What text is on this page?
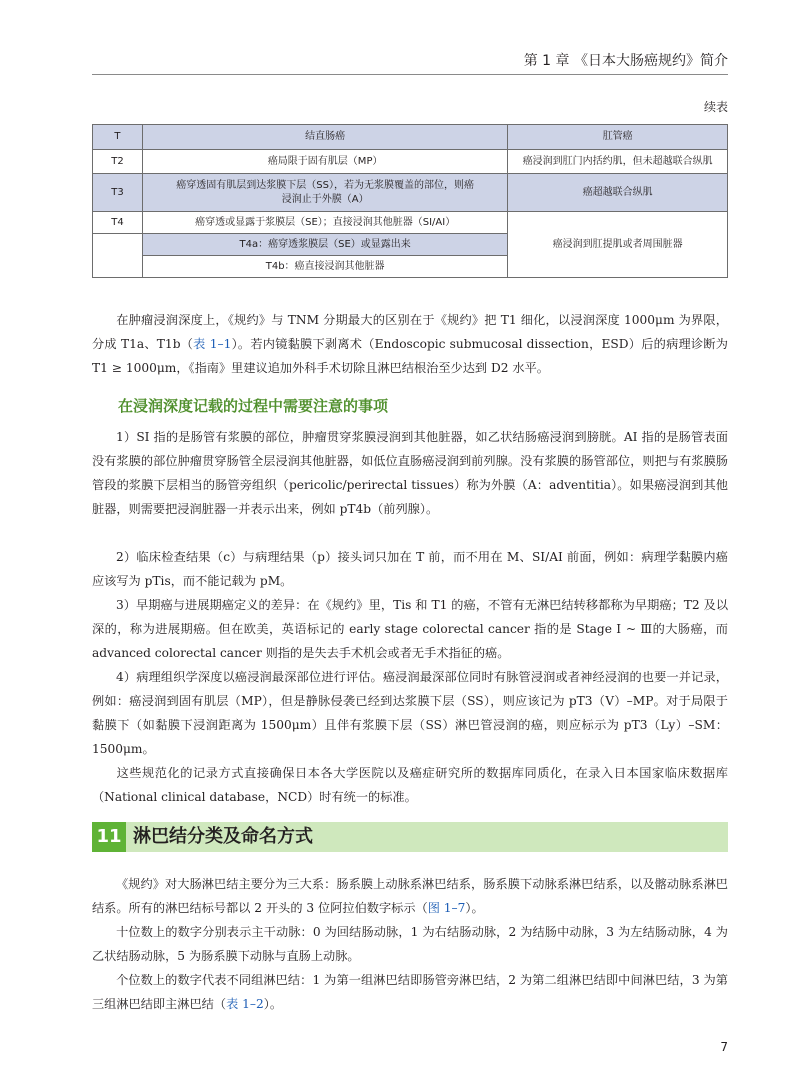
第 1 章 《日本大肠癌规约》简介
续表
T	结直肠癌	肛管癌
T2	癌局限于固有肌层（MP）	癌浸润到肛门内括约肌，但未超越联合纵肌
T3	癌穿透固有肌层到达浆膜下层（SS），若为无浆膜覆盖的部位，则癌浸润止于外膜（A）	癌超越联合纵肌
T4	癌穿透或显露于浆膜层（SE）；直接浸润其他脏器（SI/AI）	癌浸润到肛提肌或者周围脏器
	T4a：癌穿透浆膜层（SE）或显露出来	
	T4b：癌直接浸润其他脏器	
在肿瘤浸润深度上，《规约》与 TNM 分期最大的区别在于《规约》把 T1 细化，以浸润深度 1000μm 为界限，分成 T1a、T1b（表 1–1）。若内镜黏膜下剥离术（Endoscopic submucosal dissection，ESD）后的病理诊断为 T1 ≥ 1000μm，《指南》里建议追加外科手术切除且淋巴结根治至少达到 D2 水平。
在浸润深度记载的过程中需要注意的事项
1）SI 指的是肠管有浆膜的部位，肿瘤贯穿浆膜浸润到其他脏器，如乙状结肠癌浸润到膀胱。AI 指的是肠管表面没有浆膜的部位肿瘤贯穿肠管全层浸润其他脏器，如低位直肠癌浸润到前列腺。没有浆膜的肠管部位，则把与有浆膜肠管段的浆膜下层相当的肠管旁组织（pericolic/perirectal tissues）称为外膜（A：adventitia）。如果癌浸润到其他脏器，则需要把浸润脏器一并表示出来，例如 pT4b（前列腺）。
2）临床检查结果（c）与病理结果（p）接头词只加在 T 前，而不用在 M、SI/AI 前面，例如：病理学黏膜内癌应该写为 pTis，而不能记载为 pM。
3）早期癌与进展期癌定义的差异：在《规约》里，Tis 和 T1 的癌，不管有无淋巴结转移都称为早期癌；T2 及以深的，称为进展期癌。但在欧美，英语标记的 early stage colorectal cancer 指的是 Stage Ⅰ ~ Ⅲ的大肠癌，而 advanced colorectal cancer 则指的是失去手术机会或者无手术指征的癌。
4）病理组织学深度以癌浸润最深部位进行评估。癌浸润最深部位同时有脉管浸润或者神经浸润的也要一并记录，例如：癌浸润到固有肌层（MP），但是静脉侵袭已经到达浆膜下层（SS），则应该记为 pT3（V）–MP。对于局限于黏膜下（如黏膜下浸润距离为 1500μm）且伴有浆膜下层（SS）淋巴管浸润的癌，则应标示为 pT3（Ly）–SM：1500μm。
这些规范化的记录方式直接确保日本各大学医院以及癌症研究所的数据库同质化，在录入日本国家临床数据库（National clinical database，NCD）时有统一的标准。
11 淋巴结分类及命名方式
《规约》对大肠淋巴结主要分为三大系：肠系膜上动脉系淋巴结系，肠系膜下动脉系淋巴结系，以及髂动脉系淋巴结系。所有的淋巴结标号都以 2 开头的 3 位阿拉伯数字标示（图 1–7）。
十位数上的数字分别表示主干动脉：0 为回结肠动脉，1 为右结肠动脉，2 为结肠中动脉，3 为左结肠动脉，4 为乙状结肠动脉，5 为肠系膜下动脉与直肠上动脉。
个位数上的数字代表不同组淋巴结：1 为第一组淋巴结即肠管旁淋巴结，2 为第二组淋巴结即中间淋巴结，3 为第三组淋巴结即主淋巴结（表 1–2）。
7
